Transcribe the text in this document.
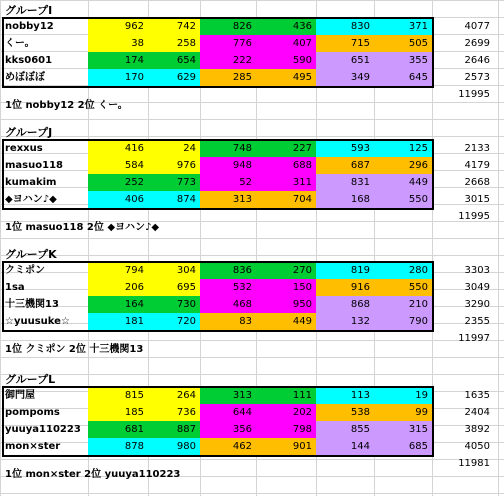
グループI
nobby12	962	742	826	436	830	371	4077
くー。	38	258	776	407	715	505	2699
kks0601	174	654	222	590	651	355	2646
めぼぼぼ	170	629	285	495	349	645	2573
11995
1位 nobby12 2位 くー。
グループJ
rexxus	416	24	748	227	593	125	2133
masuo118	584	976	948	688	687	296	4179
kumakim	252	773	52	311	831	449	2668
◆ヨハン♪◆	406	874	313	704	168	550	3015
11995
1位 masuo118 2位 ◆ヨハン♪◆
グループK
クミポン	794	304	836	270	819	280	3303
1sa	206	695	532	150	916	550	3049
十三機関13	164	730	468	950	868	210	3290
☆yuusuke☆	181	720	83	449	132	790	2355
11997
1位 クミポン 2位 十三機関13
グループL
御門屋	815	264	313	111	113	19	1635
pompoms	185	736	644	202	538	99	2404
yuuya110223	681	887	356	798	855	315	3892
mon×ster	878	980	462	901	144	685	4050
11981
1位 mon×ster 2位 yuuya110223
